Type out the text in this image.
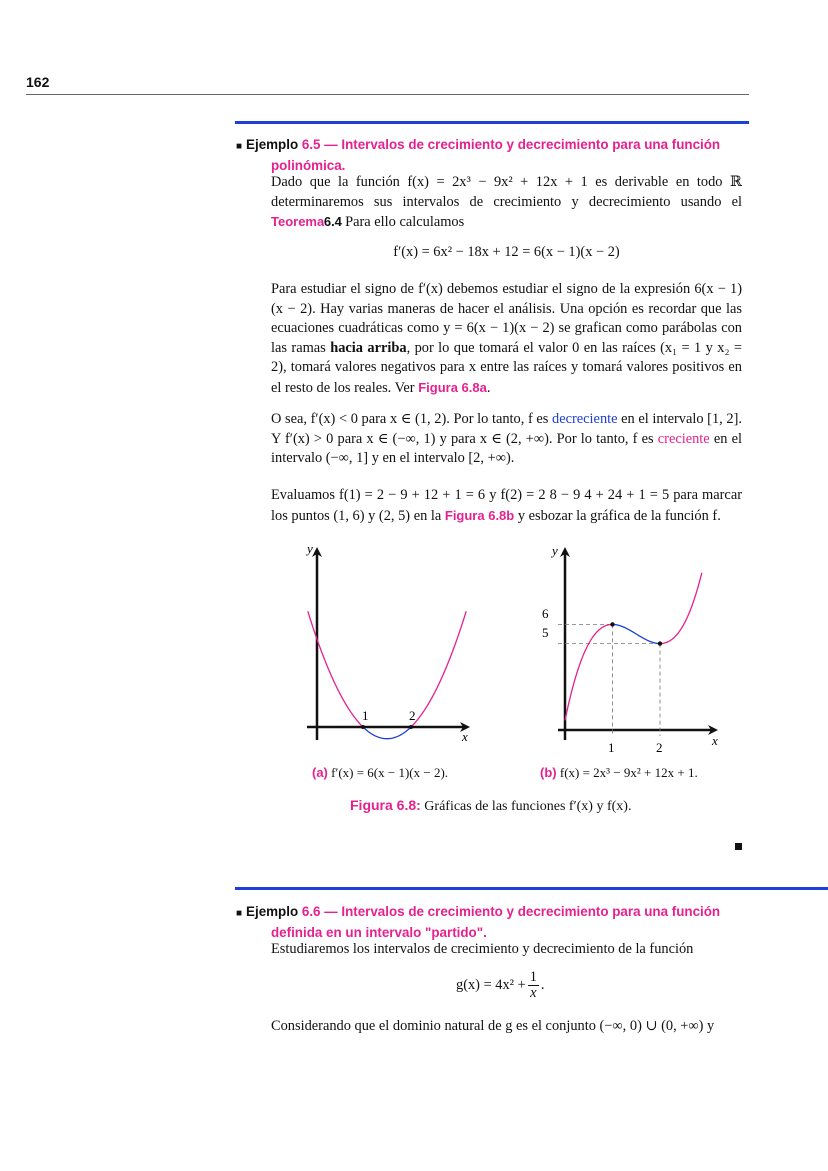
162
■ Ejemplo 6.5 — Intervalos de crecimiento y decrecimiento para una función
polinómica.

Dado que la función f(x) = 2x³ − 9x² + 12x + 1 es derivable en todo ℝ determinaremos sus intervalos de crecimiento y decrecimiento usando el Teorema 6.4. Para ello calculamos

f′(x) = 6x² − 18x + 12 = 6(x − 1)(x − 2)

Para estudiar el signo de f′(x) debemos estudiar el signo de la expresión 6(x − 1)(x − 2). Hay varias maneras de hacer el análisis. Una opción es recordar que las ecuaciones cuadráticas como y = 6(x − 1)(x − 2) se grafican como parábolas con las ramas hacia arriba, por lo que tomará el valor 0 en las raíces (x₁ = 1 y x₂ = 2), tomará valores negativos para x entre las raíces y tomará valores positivos en el resto de los reales. Ver Figura 6.8a.

O sea, f′(x) < 0 para x ∈ (1, 2). Por lo tanto, f es decreciente en el intervalo [1, 2]. Y f′(x) > 0 para x ∈ (−∞, 1) y para x ∈ (2, +∞). Por lo tanto, f es creciente en el intervalo (−∞, 1] y en el intervalo [2, +∞).

Evaluamos f(1) = 2 − 9 + 12 + 1 = 6 y f(2) = 2 8 − 9 4 + 24 + 1 = 5 para marcar los puntos (1, 6) y (2, 5) en la Figura 6.8b y esbozar la gráfica de la función f.

y
x
1	2
y
x
6
5
1	2
(a) f′(x) = 6(x − 1)(x − 2).	(b) f(x) = 2x³ − 9x² + 12x + 1.
Figura 6.8: Gráficas de las funciones f′(x) y f(x).
■ Ejemplo 6.6 — Intervalos de crecimiento y decrecimiento para una función
definida en un intervalo "partido".
Estudiaremos los intervalos de crecimiento y decrecimiento de la función
$g(x) = 4x^2 + \frac{1}{x}$ .
Considerando que el dominio natural de g es el conjunto (−∞, 0) ∪ (0, +∞) y
